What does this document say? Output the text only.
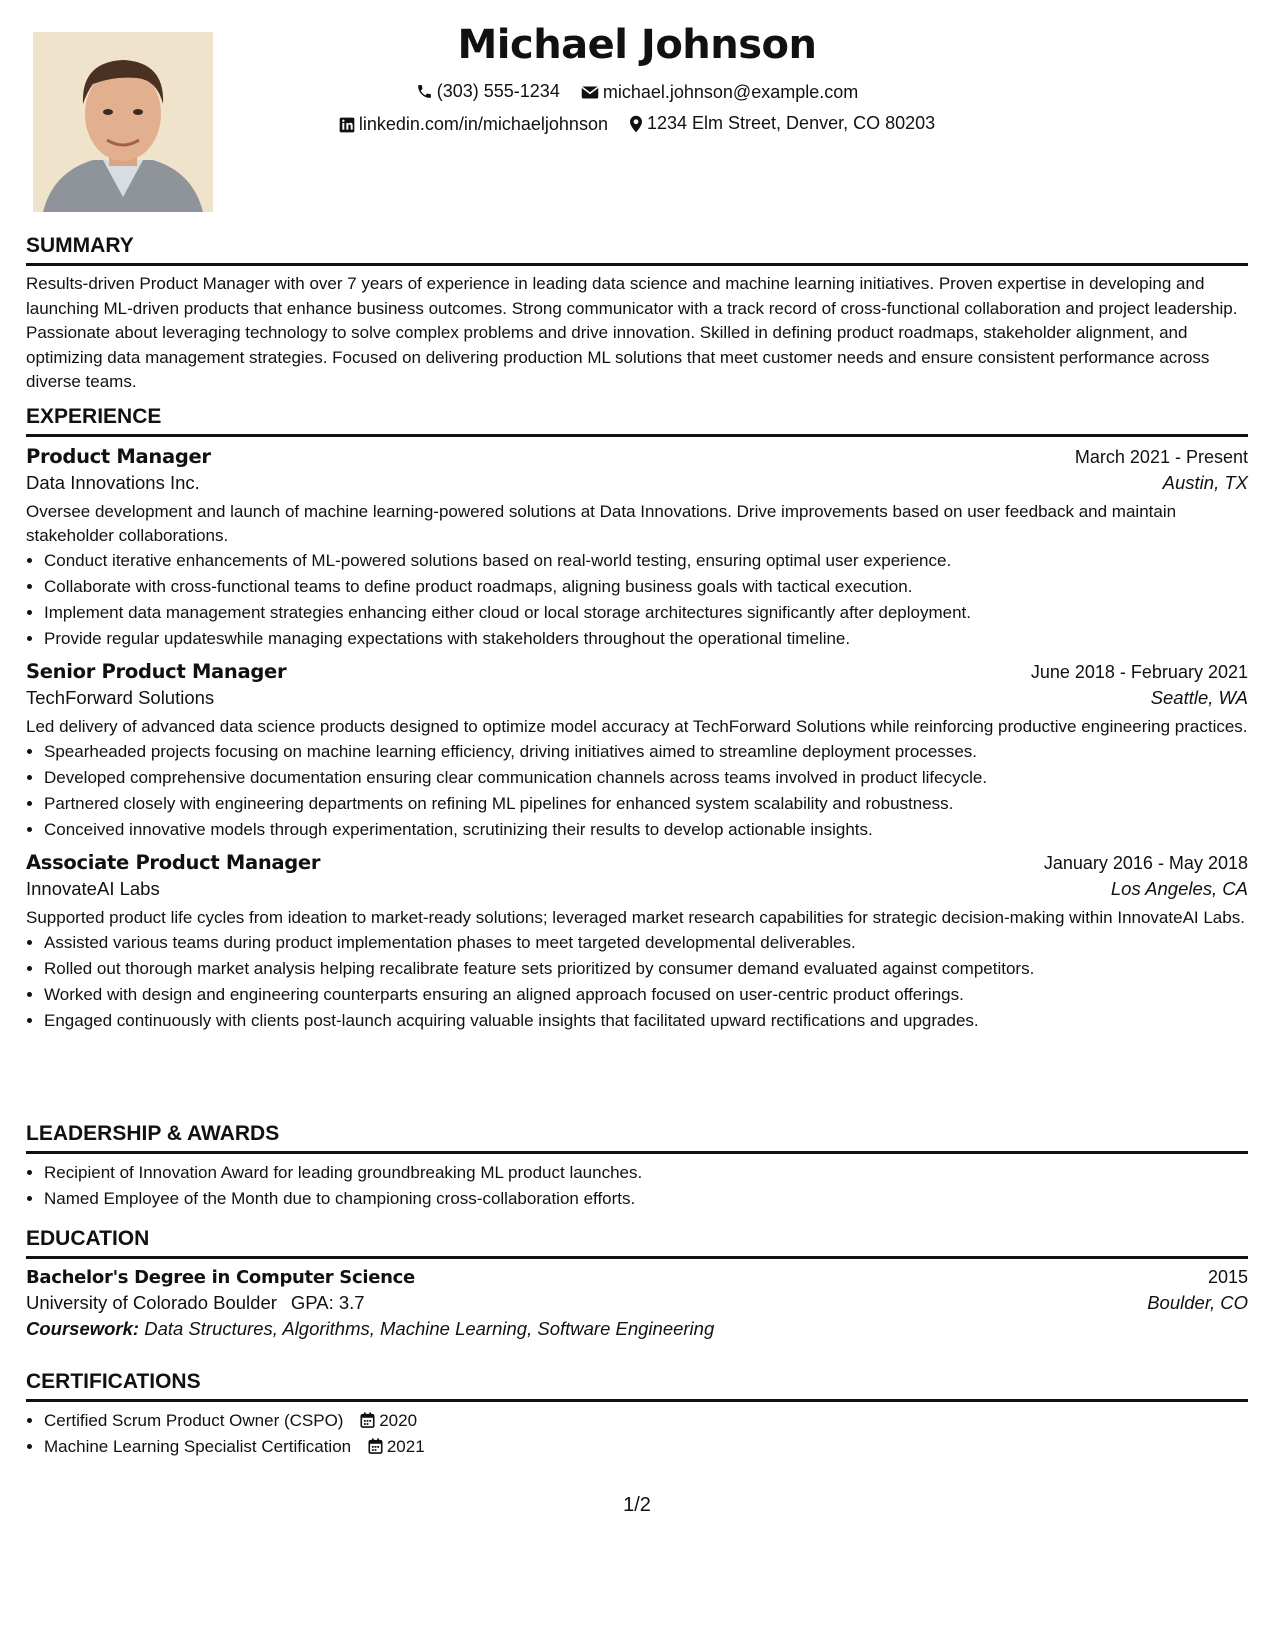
Michael Johnson
(303) 555-1234
michael.johnson@example.com
linkedin.com/in/michaeljohnson
1234 Elm Street, Denver, CO 80203
SUMMARY
Results-driven Product Manager with over 7 years of experience in leading data science and machine learning initiatives. Proven expertise in developing and launching ML-driven products that enhance business outcomes. Strong communicator with a track record of cross-functional collaboration and project leadership. Passionate about leveraging technology to solve complex problems and drive innovation. Skilled in defining product roadmaps, stakeholder alignment, and optimizing data management strategies. Focused on delivering production ML solutions that meet customer needs and ensure consistent performance across diverse teams.
EXPERIENCE
Product Manager	March 2021 - Present
Data Innovations Inc.	Austin, TX
Oversee development and launch of machine learning-powered solutions at Data Innovations. Drive improvements based on user feedback and maintain stakeholder collaborations.
• Conduct iterative enhancements of ML-powered solutions based on real-world testing, ensuring optimal user experience.
• Collaborate with cross-functional teams to define product roadmaps, aligning business goals with tactical execution.
• Implement data management strategies enhancing either cloud or local storage architectures significantly after deployment.
• Provide regular updateswhile managing expectations with stakeholders throughout the operational timeline.
Senior Product Manager	June 2018 - February 2021
TechForward Solutions	Seattle, WA
Led delivery of advanced data science products designed to optimize model accuracy at TechForward Solutions while reinforcing productive engineering practices.
• Spearheaded projects focusing on machine learning efficiency, driving initiatives aimed to streamline deployment processes.
• Developed comprehensive documentation ensuring clear communication channels across teams involved in product lifecycle.
• Partnered closely with engineering departments on refining ML pipelines for enhanced system scalability and robustness.
• Conceived innovative models through experimentation, scrutinizing their results to develop actionable insights.
Associate Product Manager	January 2016 - May 2018
InnovateAI Labs	Los Angeles, CA
Supported product life cycles from ideation to market-ready solutions; leveraged market research capabilities for strategic decision-making within InnovateAI Labs.
• Assisted various teams during product implementation phases to meet targeted developmental deliverables.
• Rolled out thorough market analysis helping recalibrate feature sets prioritized by consumer demand evaluated against competitors.
• Worked with design and engineering counterparts ensuring an aligned approach focused on user-centric product offerings.
• Engaged continuously with clients post-launch acquiring valuable insights that facilitated upward rectifications and upgrades.
LEADERSHIP & AWARDS
• Recipient of Innovation Award for leading groundbreaking ML product launches.
• Named Employee of the Month due to championing cross-collaboration efforts.
EDUCATION
Bachelor's Degree in Computer Science	2015
University of Colorado Boulder GPA: 3.7	Boulder, CO
Coursework: Data Structures, Algorithms, Machine Learning, Software Engineering
CERTIFICATIONS
• Certified Scrum Product Owner (CSPO) 2020
• Machine Learning Specialist Certification 2021
1/2
